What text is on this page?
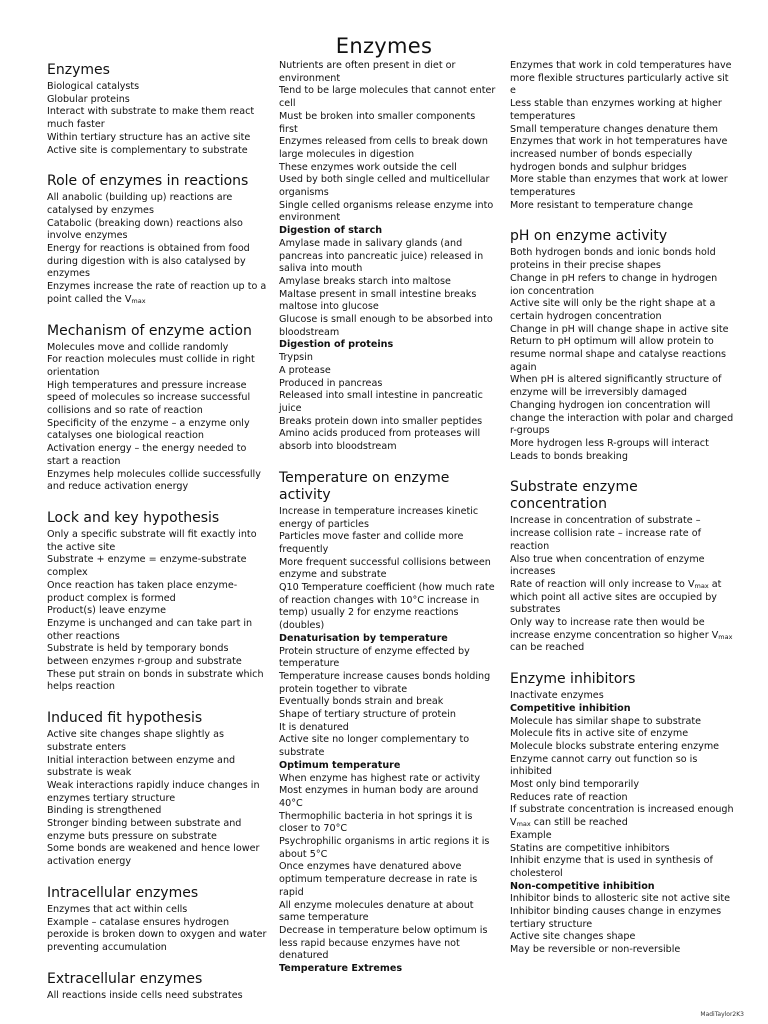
Enzymes
Enzymes
Biological catalysts
Globular proteins
Interact with substrate to make them react much faster
Within tertiary structure has an active site
Active site is complementary to substrate
Role of enzymes in reactions
All anabolic (building up) reactions are catalysed by enzymes
Catabolic (breaking down) reactions also involve enzymes
Energy for reactions is obtained from food during digestion with is also catalysed by enzymes
Enzymes increase the rate of reaction up to a point called the $V_{max}$
Mechanism of enzyme action
Molecules move and collide randomly
For reaction molecules must collide in right orientation
High temperatures and pressure increase speed of molecules so increase successful collisions and so rate of reaction
Specificity of the enzyme – a enzyme only catalyses one biological reaction
Activation energy – the energy needed to start a reaction
Enzymes help molecules collide successfully and reduce activation energy
Lock and key hypothesis
Only a specific substrate will fit exactly into the active site
Substrate + enzyme = enzyme-substrate complex
Once reaction has taken place enzyme-product complex is formed
Product(s) leave enzyme
Enzyme is unchanged and can take part in other reactions
Substrate is held by temporary bonds between enzymes r-group and substrate
These put strain on bonds in substrate which helps reaction
Induced fit hypothesis
Active site changes shape slightly as substrate enters
Initial interaction between enzyme and substrate is weak
Weak interactions rapidly induce changes in enzymes tertiary structure
Binding is strengthened
Stronger binding between substrate and enzyme buts pressure on substrate
Some bonds are weakened and hence lower activation energy
Intracellular enzymes
Enzymes that act within cells
Example – catalase ensures hydrogen peroxide is broken down to oxygen and water preventing accumulation
Extracellular enzymes
All reactions inside cells need substrates
Nutrients are often present in diet or environment
Tend to be large molecules that cannot enter cell
Must be broken into smaller components first
Enzymes released from cells to break down large molecules in digestion
These enzymes work outside the cell
Used by both single celled and multicellular organisms
Single celled organisms release enzyme into environment
Digestion of starch
Amylase made in salivary glands (and pancreas into pancreatic juice) released in saliva into mouth
Amylase breaks starch into maltose
Maltase present in small intestine breaks maltose into glucose
Glucose is small enough to be absorbed into bloodstream
Digestion of proteins
Trypsin
A protease
Produced in pancreas
Released into small intestine in pancreatic juice
Breaks protein down into smaller peptides
Amino acids produced from proteases will absorb into bloodstream
Temperature on enzyme activity
Increase in temperature increases kinetic energy of particles
Particles move faster and collide more frequently
More frequent successful collisions between enzyme and substrate
Q10 Temperature coefficient (how much rate of reaction changes with 10°C increase in temp) usually 2 for enzyme reactions (doubles)
Denaturisation by temperature
Protein structure of enzyme effected by temperature
Temperature increase causes bonds holding protein together to vibrate
Eventually bonds strain and break
Shape of tertiary structure of protein
It is denatured
Active site no longer complementary to substrate
Optimum temperature
When enzyme has highest rate or activity
Most enzymes in human body are around 40°C
Thermophilic bacteria in hot springs it is closer to 70°C
Psychrophilic organisms in artic regions it is about 5°C
Once enzymes have denatured above optimum temperature decrease in rate is rapid
All enzyme molecules denature at about same temperature
Decrease in temperature below optimum is less rapid because enzymes have not denatured
Temperature Extremes
Enzymes that work in cold temperatures have more flexible structures particularly active sit e
Less stable than enzymes working at higher temperatures
Small temperature changes denature them
Enzymes that work in hot temperatures have increased number of bonds especially hydrogen bonds and sulphur bridges
More stable than enzymes that work at lower temperatures
More resistant to temperature change
pH on enzyme activity
Both hydrogen bonds and ionic bonds hold proteins in their precise shapes
Change in pH refers to change in hydrogen ion concentration
Active site will only be the right shape at a certain hydrogen concentration
Change in pH will change shape in active site
Return to pH optimum will allow protein to resume normal shape and catalyse reactions again
When pH is altered significantly structure of enzyme will be irreversibly damaged
Changing hydrogen ion concentration will change the interaction with polar and charged r-groups
More hydrogen less R-groups will interact
Leads to bonds breaking
Substrate enzyme concentration
Increase in concentration of substrate – increase collision rate – increase rate of reaction
Also true when concentration of enzyme increases
Rate of reaction will only increase to $V_{max}$ at which point all active sites are occupied by substrates
Only way to increase rate then would be increase enzyme concentration so higher $V_{max}$ can be reached
Enzyme inhibitors
Inactivate enzymes
Competitive inhibition
Molecule has similar shape to substrate
Molecule fits in active site of enzyme
Molecule blocks substrate entering enzyme
Enzyme cannot carry out function so is inhibited
Most only bind temporarily
Reduces rate of reaction
If substrate concentration is increased enough $V_{max}$ can still be reached
Example
Statins are competitive inhibitors
Inhibit enzyme that is used in synthesis of cholesterol
Non-competitive inhibition
Inhibitor binds to allosteric site not active site
Inhibitor binding causes change in enzymes tertiary structure
Active site changes shape
May be reversible or non-reversible
MadiTaylor2K3
